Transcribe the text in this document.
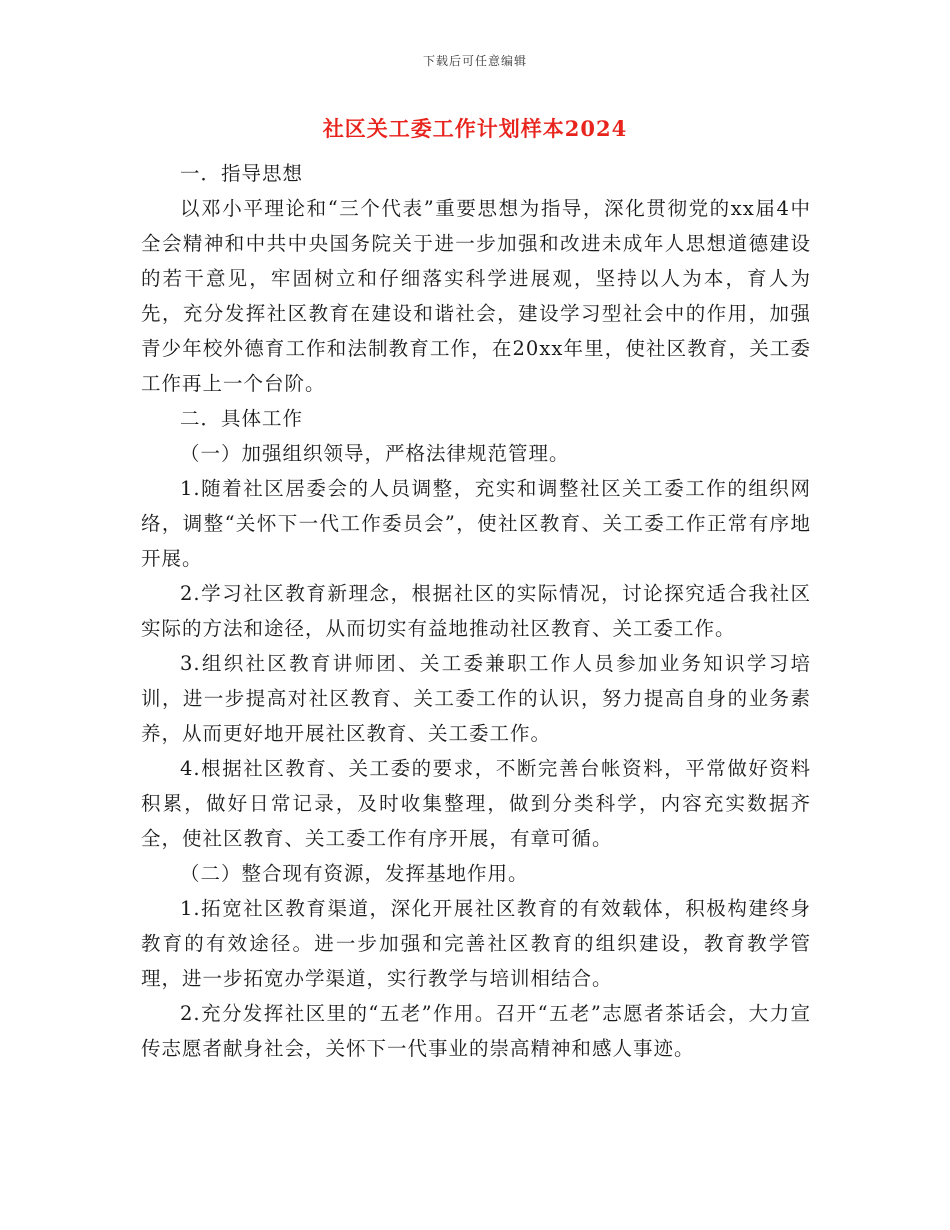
下载后可任意编辑
社区关工委工作计划样本2024

一．指导思想

以邓小平理论和“三个代表”重要思想为指导，深化贯彻党的xx届4中全会精神和中共中央国务院关于进一步加强和改进未成年人思想道德建设的若干意见，牢固树立和仔细落实科学进展观，坚持以人为本，育人为先，充分发挥社区教育在建设和谐社会，建设学习型社会中的作用，加强青少年校外德育工作和法制教育工作，在20xx年里，使社区教育，关工委工作再上一个台阶。

二．具体工作

（一）加强组织领导，严格法律规范管理。

1.随着社区居委会的人员调整，充实和调整社区关工委工作的组织网络，调整“关怀下一代工作委员会”，使社区教育、关工委工作正常有序地开展。

2.学习社区教育新理念，根据社区的实际情况，讨论探究适合我社区实际的方法和途径，从而切实有益地推动社区教育、关工委工作。

3.组织社区教育讲师团、关工委兼职工作人员参加业务知识学习培训，进一步提高对社区教育、关工委工作的认识，努力提高自身的业务素养，从而更好地开展社区教育、关工委工作。

4.根据社区教育、关工委的要求，不断完善台帐资料，平常做好资料积累，做好日常记录，及时收集整理，做到分类科学，内容充实数据齐全，使社区教育、关工委工作有序开展，有章可循。

（二）整合现有资源，发挥基地作用。

1.拓宽社区教育渠道，深化开展社区教育的有效载体，积极构建终身教育的有效途径。进一步加强和完善社区教育的组织建设，教育教学管理，进一步拓宽办学渠道，实行教学与培训相结合。

2.充分发挥社区里的“五老”作用。召开“五老”志愿者茶话会，大力宣传志愿者献身社会，关怀下一代事业的崇高精神和感人事迹。
